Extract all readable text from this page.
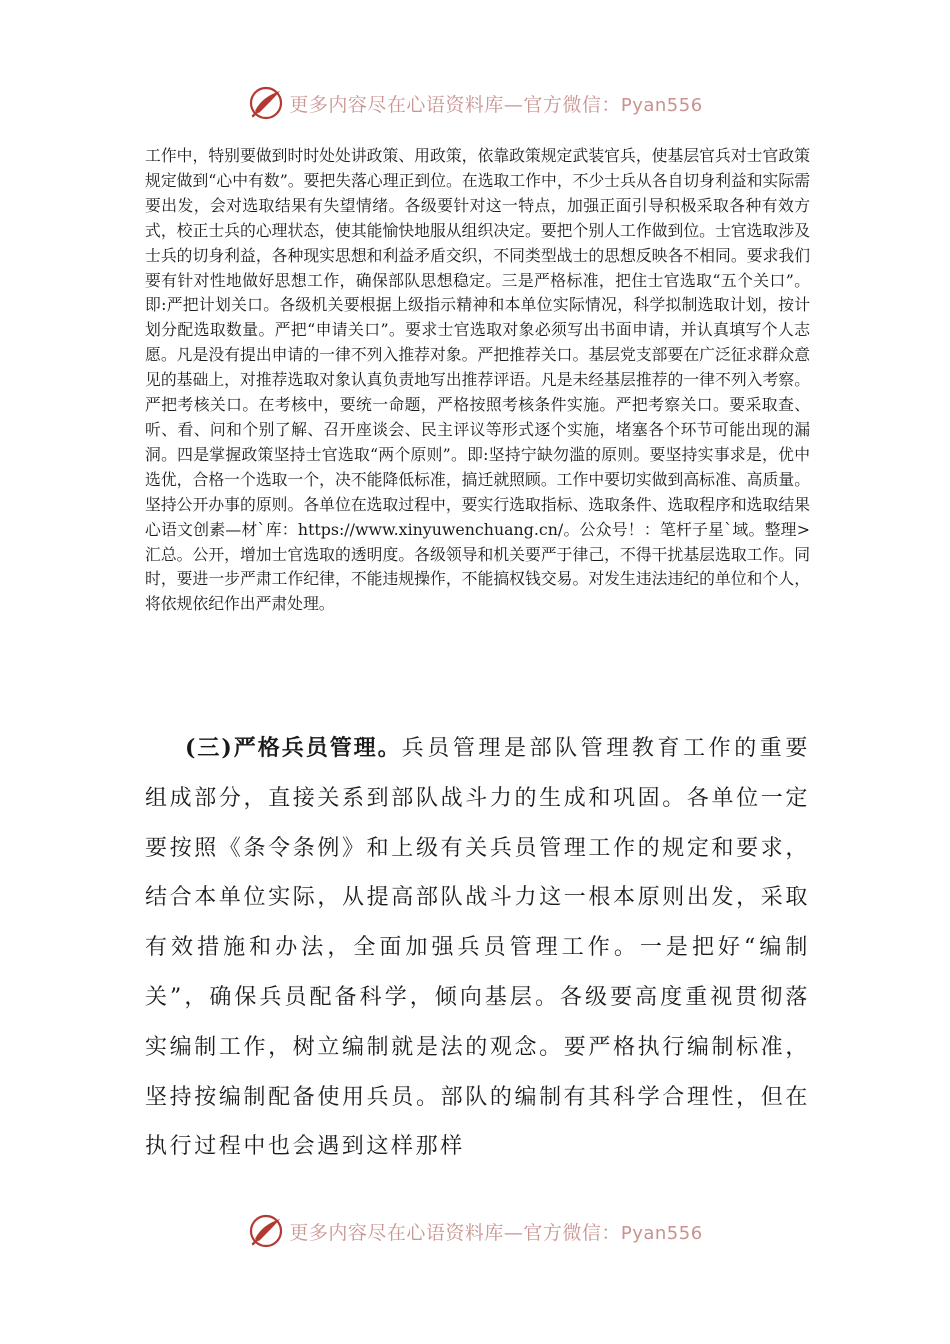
更多内容尽在心语资料库—官方微信：Pyan556

工作中，特别要做到时时处处讲政策、用政策，依靠政策规定武装官兵，使基层官兵对士官政策规定做到“心中有数”。要把失落心理正到位。在选取工作中，不少士兵从各自切身利益和实际需要出发，会对选取结果有失望情绪。各级要针对这一特点，加强正面引导积极采取各种有效方式，校正士兵的心理状态，使其能愉快地服从组织决定。要把个别人工作做到位。士官选取涉及士兵的切身利益，各种现实思想和利益矛盾交织，不同类型战士的思想反映各不相同。要求我们要有针对性地做好思想工作，确保部队思想稳定。三是严格标准，把住士官选取“五个关口”。即:严把计划关口。各级机关要根据上级指示精神和本单位实际情况，科学拟制选取计划，按计划分配选取数量。严把“申请关口”。要求士官选取对象必须写出书面申请，并认真填写个人志愿。凡是没有提出申请的一律不列入推荐对象。严把推荐关口。基层党支部要在广泛征求群众意见的基础上，对推荐选取对象认真负责地写出推荐评语。凡是未经基层推荐的一律不列入考察。严把考核关口。在考核中，要统一命题，严格按照考核条件实施。严把考察关口。要采取查、听、看、问和个别了解、召开座谈会、民主评议等形式逐个实施，堵塞各个环节可能出现的漏洞。四是掌握政策坚持士官选取“两个原则”。即:坚持宁缺勿滥的原则。要坚持实事求是，优中选优，合格一个选取一个，决不能降低标准，搞迁就照顾。工作中要切实做到高标准、高质量。坚持公开办事的原则。各单位在选取过程中，要实行选取指标、选取条件、选取程序和选取结果心语文创素—材`库：https://www.xinyuwenchuang.cn/。公众号！：笔杆子星`域。整理>汇总。公开，增加士官选取的透明度。各级领导和机关要严于律己，不得干扰基层选取工作。同时，要进一步严肃工作纪律，不能违规操作，不能搞权钱交易。对发生违法违纪的单位和个人，将依规依纪作出严肃处理。

(三)严格兵员管理。兵员管理是部队管理教育工作的重要组成部分，直接关系到部队战斗力的生成和巩固。各单位一定要按照《条令条例》和上级有关兵员管理工作的规定和要求，结合本单位实际，从提高部队战斗力这一根本原则出发，采取有效措施和办法，全面加强兵员管理工作。一是把好“编制关”，确保兵员配备科学，倾向基层。各级要高度重视贯彻落实编制工作，树立编制就是法的观念。要严格执行编制标准，坚持按编制配备使用兵员。部队的编制有其科学合理性，但在执行过程中也会遇到这样那样

更多内容尽在心语资料库—官方微信：Pyan556
